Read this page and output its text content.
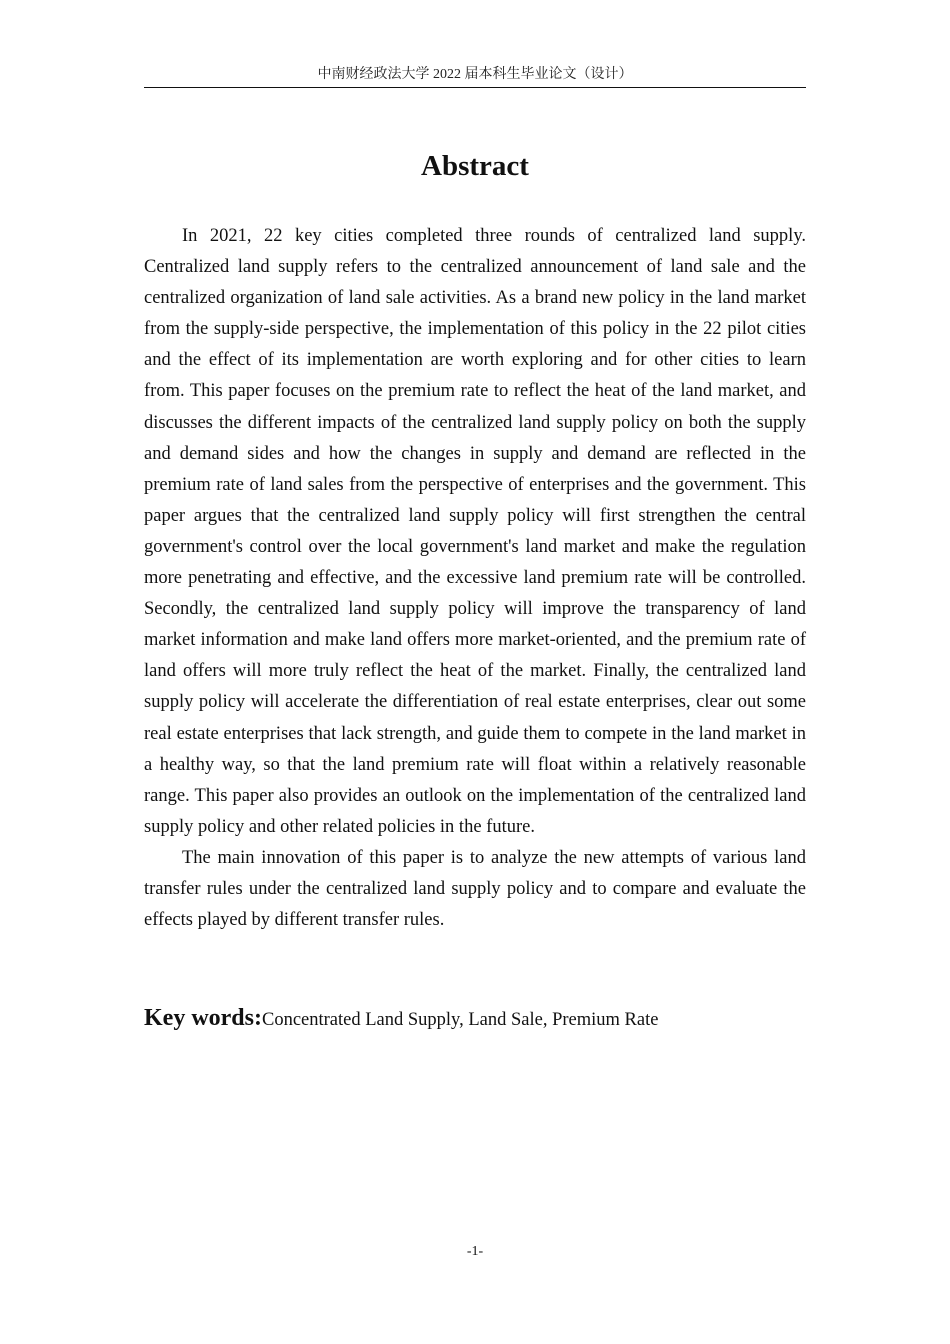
中南财经政法大学 2022 届本科生毕业论文（设计）
Abstract

In 2021, 22 key cities completed three rounds of centralized land supply. Centralized land supply refers to the centralized announcement of land sale and the centralized organization of land sale activities. As a brand new policy in the land market from the supply-side perspective, the implementation of this policy in the 22 pilot cities and the effect of its implementation are worth exploring and for other cities to learn from. This paper focuses on the premium rate to reflect the heat of the land market, and discusses the different impacts of the centralized land supply policy on both the supply and demand sides and how the changes in supply and demand are reflected in the premium rate of land sales from the perspective of enterprises and the government. This paper argues that the centralized land supply policy will first strengthen the central government's control over the local government's land market and make the regulation more penetrating and effective, and the excessive land premium rate will be controlled. Secondly, the centralized land supply policy will improve the transparency of land market information and make land offers more market-oriented, and the premium rate of land offers will more truly reflect the heat of the market. Finally, the centralized land supply policy will accelerate the differentiation of real estate enterprises, clear out some real estate enterprises that lack strength, and guide them to compete in the land market in a healthy way, so that the land premium rate will float within a relatively reasonable range. This paper also provides an outlook on the implementation of the centralized land supply policy and other related policies in the future.

The main innovation of this paper is to analyze the new attempts of various land transfer rules under the centralized land supply policy and to compare and evaluate the effects played by different transfer rules.

Key words:Concentrated Land Supply, Land Sale, Premium Rate
-1-
